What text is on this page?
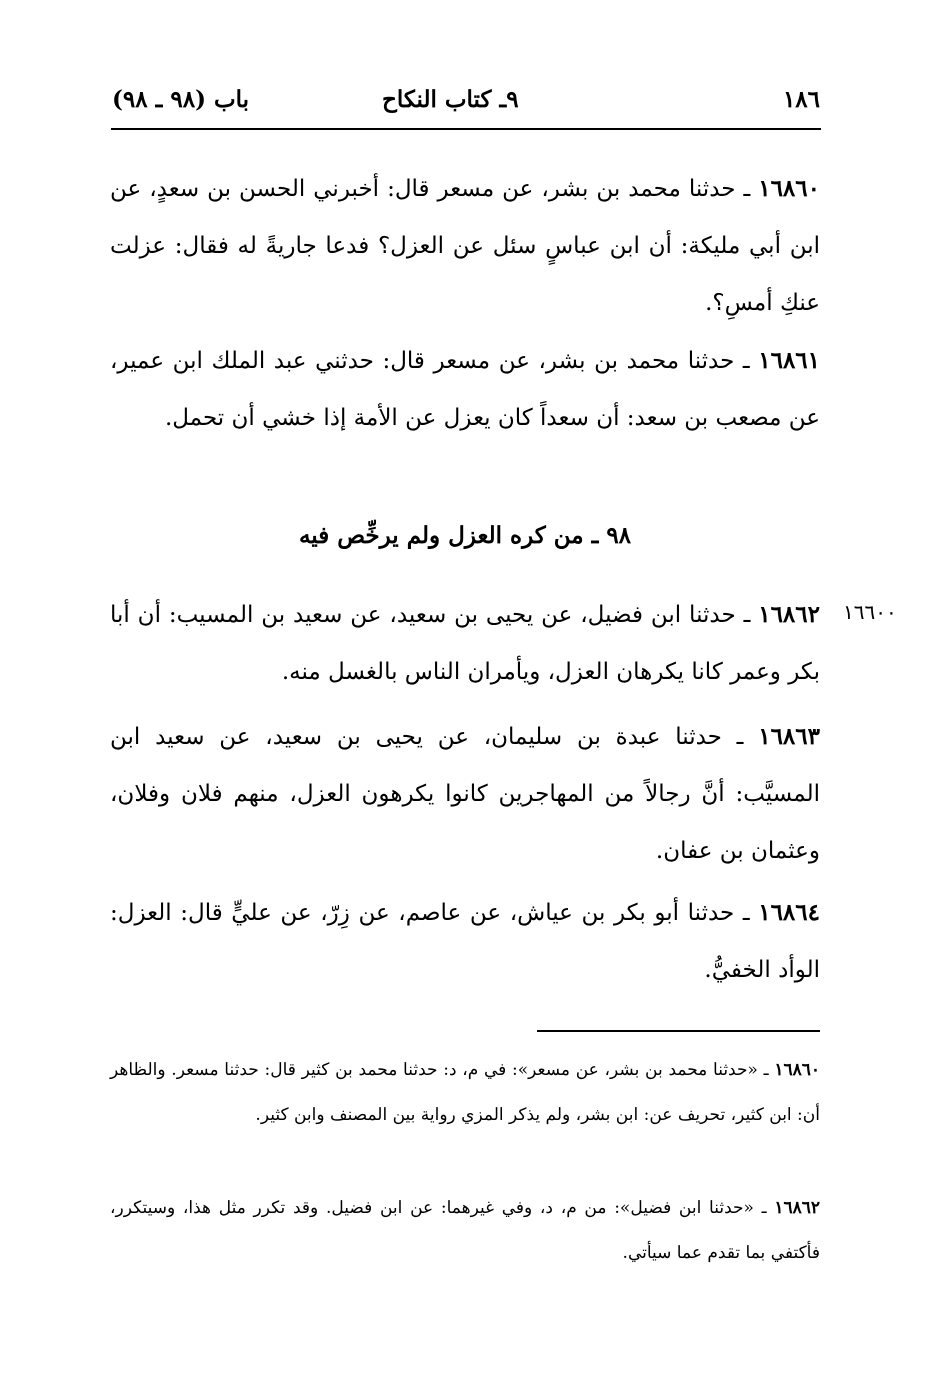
١٨٦
٩ـ كتاب النكاح
باب (٩٨ ـ ٩٨)
١٦٨٦٠ ـ حدثنا محمد بن بشر، عن مسعر قال: أخبرني الحسن بن سعدٍ، عن ابن أبي مليكة: أن ابن عباسٍ سئل عن العزل؟ فدعا جاريةً له فقال: عزلت عنكِ أمسِ؟.
١٦٨٦١ ـ حدثنا محمد بن بشر، عن مسعر قال: حدثني عبد الملك ابن عمير، عن مصعب بن سعد: أن سعداً كان يعزل عن الأمة إذا خشي أن تحمل.
٩٨ ـ من كره العزل ولم يرخِّص فيه
١٦٦٠٠
١٦٨٦٢ ـ حدثنا ابن فضيل، عن يحيى بن سعيد، عن سعيد بن المسيب: أن أبا بكر وعمر كانا يكرهان العزل، ويأمران الناس بالغسل منه.
١٦٨٦٣ ـ حدثنا عبدة بن سليمان، عن يحيى بن سعيد، عن سعيد ابن المسيَّب: أنَّ رجالاً من المهاجرين كانوا يكرهون العزل، منهم فلان وفلان، وعثمان بن عفان.
١٦٨٦٤ ـ حدثنا أبو بكر بن عياش، عن عاصم، عن زِرّ، عن عليٍّ قال: العزل: الوأد الخفيُّ.
١٦٨٦٠ ـ «حدثنا محمد بن بشر، عن مسعر»: في م، د: حدثنا محمد بن كثير قال: حدثنا مسعر. والظاهر أن: ابن كثير، تحريف عن: ابن بشر، ولم يذكر المزي رواية بين المصنف وابن كثير.
١٦٨٦٢ ـ «حدثنا ابن فضيل»: من م، د، وفي غيرهما: عن ابن فضيل. وقد تكرر مثل هذا، وسيتكرر، فأكتفي بما تقدم عما سيأتي.
